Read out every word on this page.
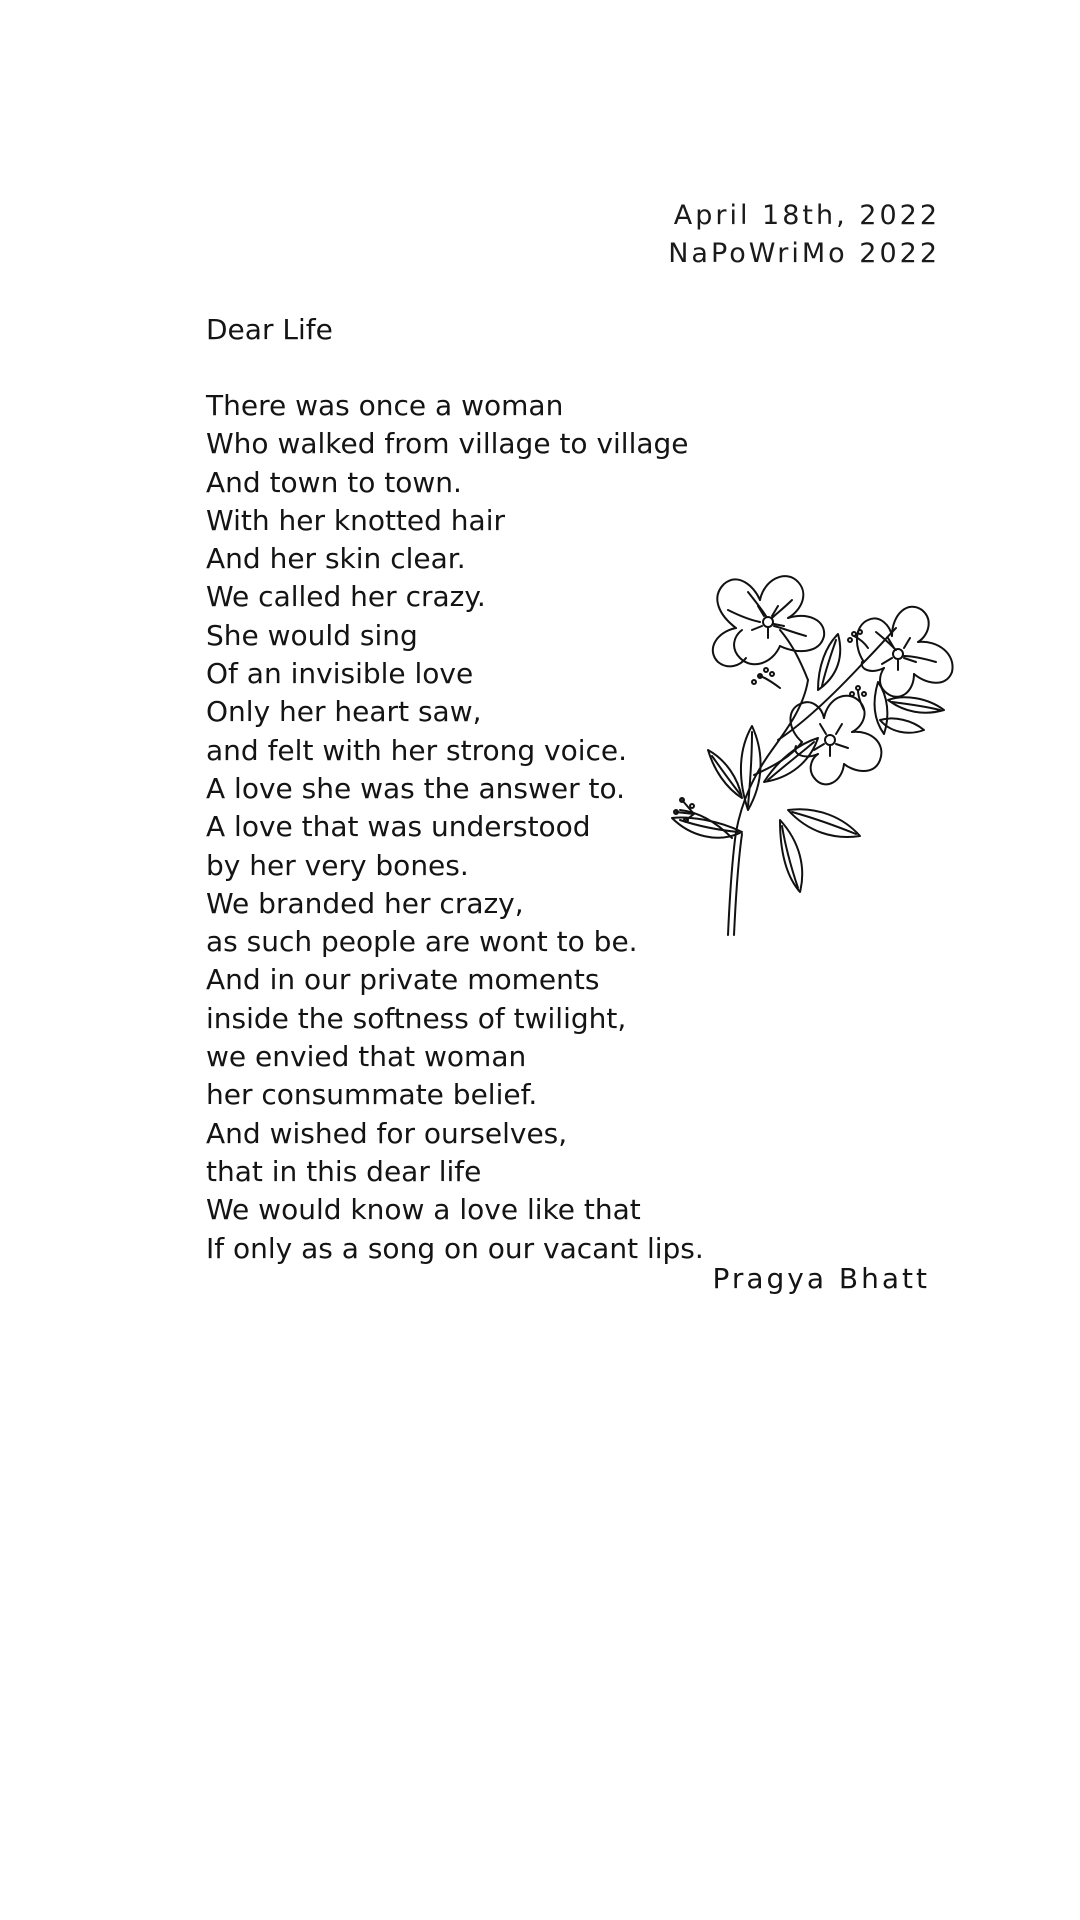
April 18th, 2022
NaPoWriMo 2022
Dear Life
There was once a woman
Who walked from village to village
And town to town.
With her knotted hair
And her skin clear.
We called her crazy.
She would sing
Of an invisible love
Only her heart saw,
and felt with her strong voice.
A love she was the answer to.
A love that was understood
by her very bones.
We branded her crazy,
as such people are wont to be.
And in our private moments
inside the softness of twilight,
we envied that woman
her consummate belief.
And wished for ourselves,
that in this dear life
We would know a love like that
If only as a song on our vacant lips.
Pragya Bhatt
